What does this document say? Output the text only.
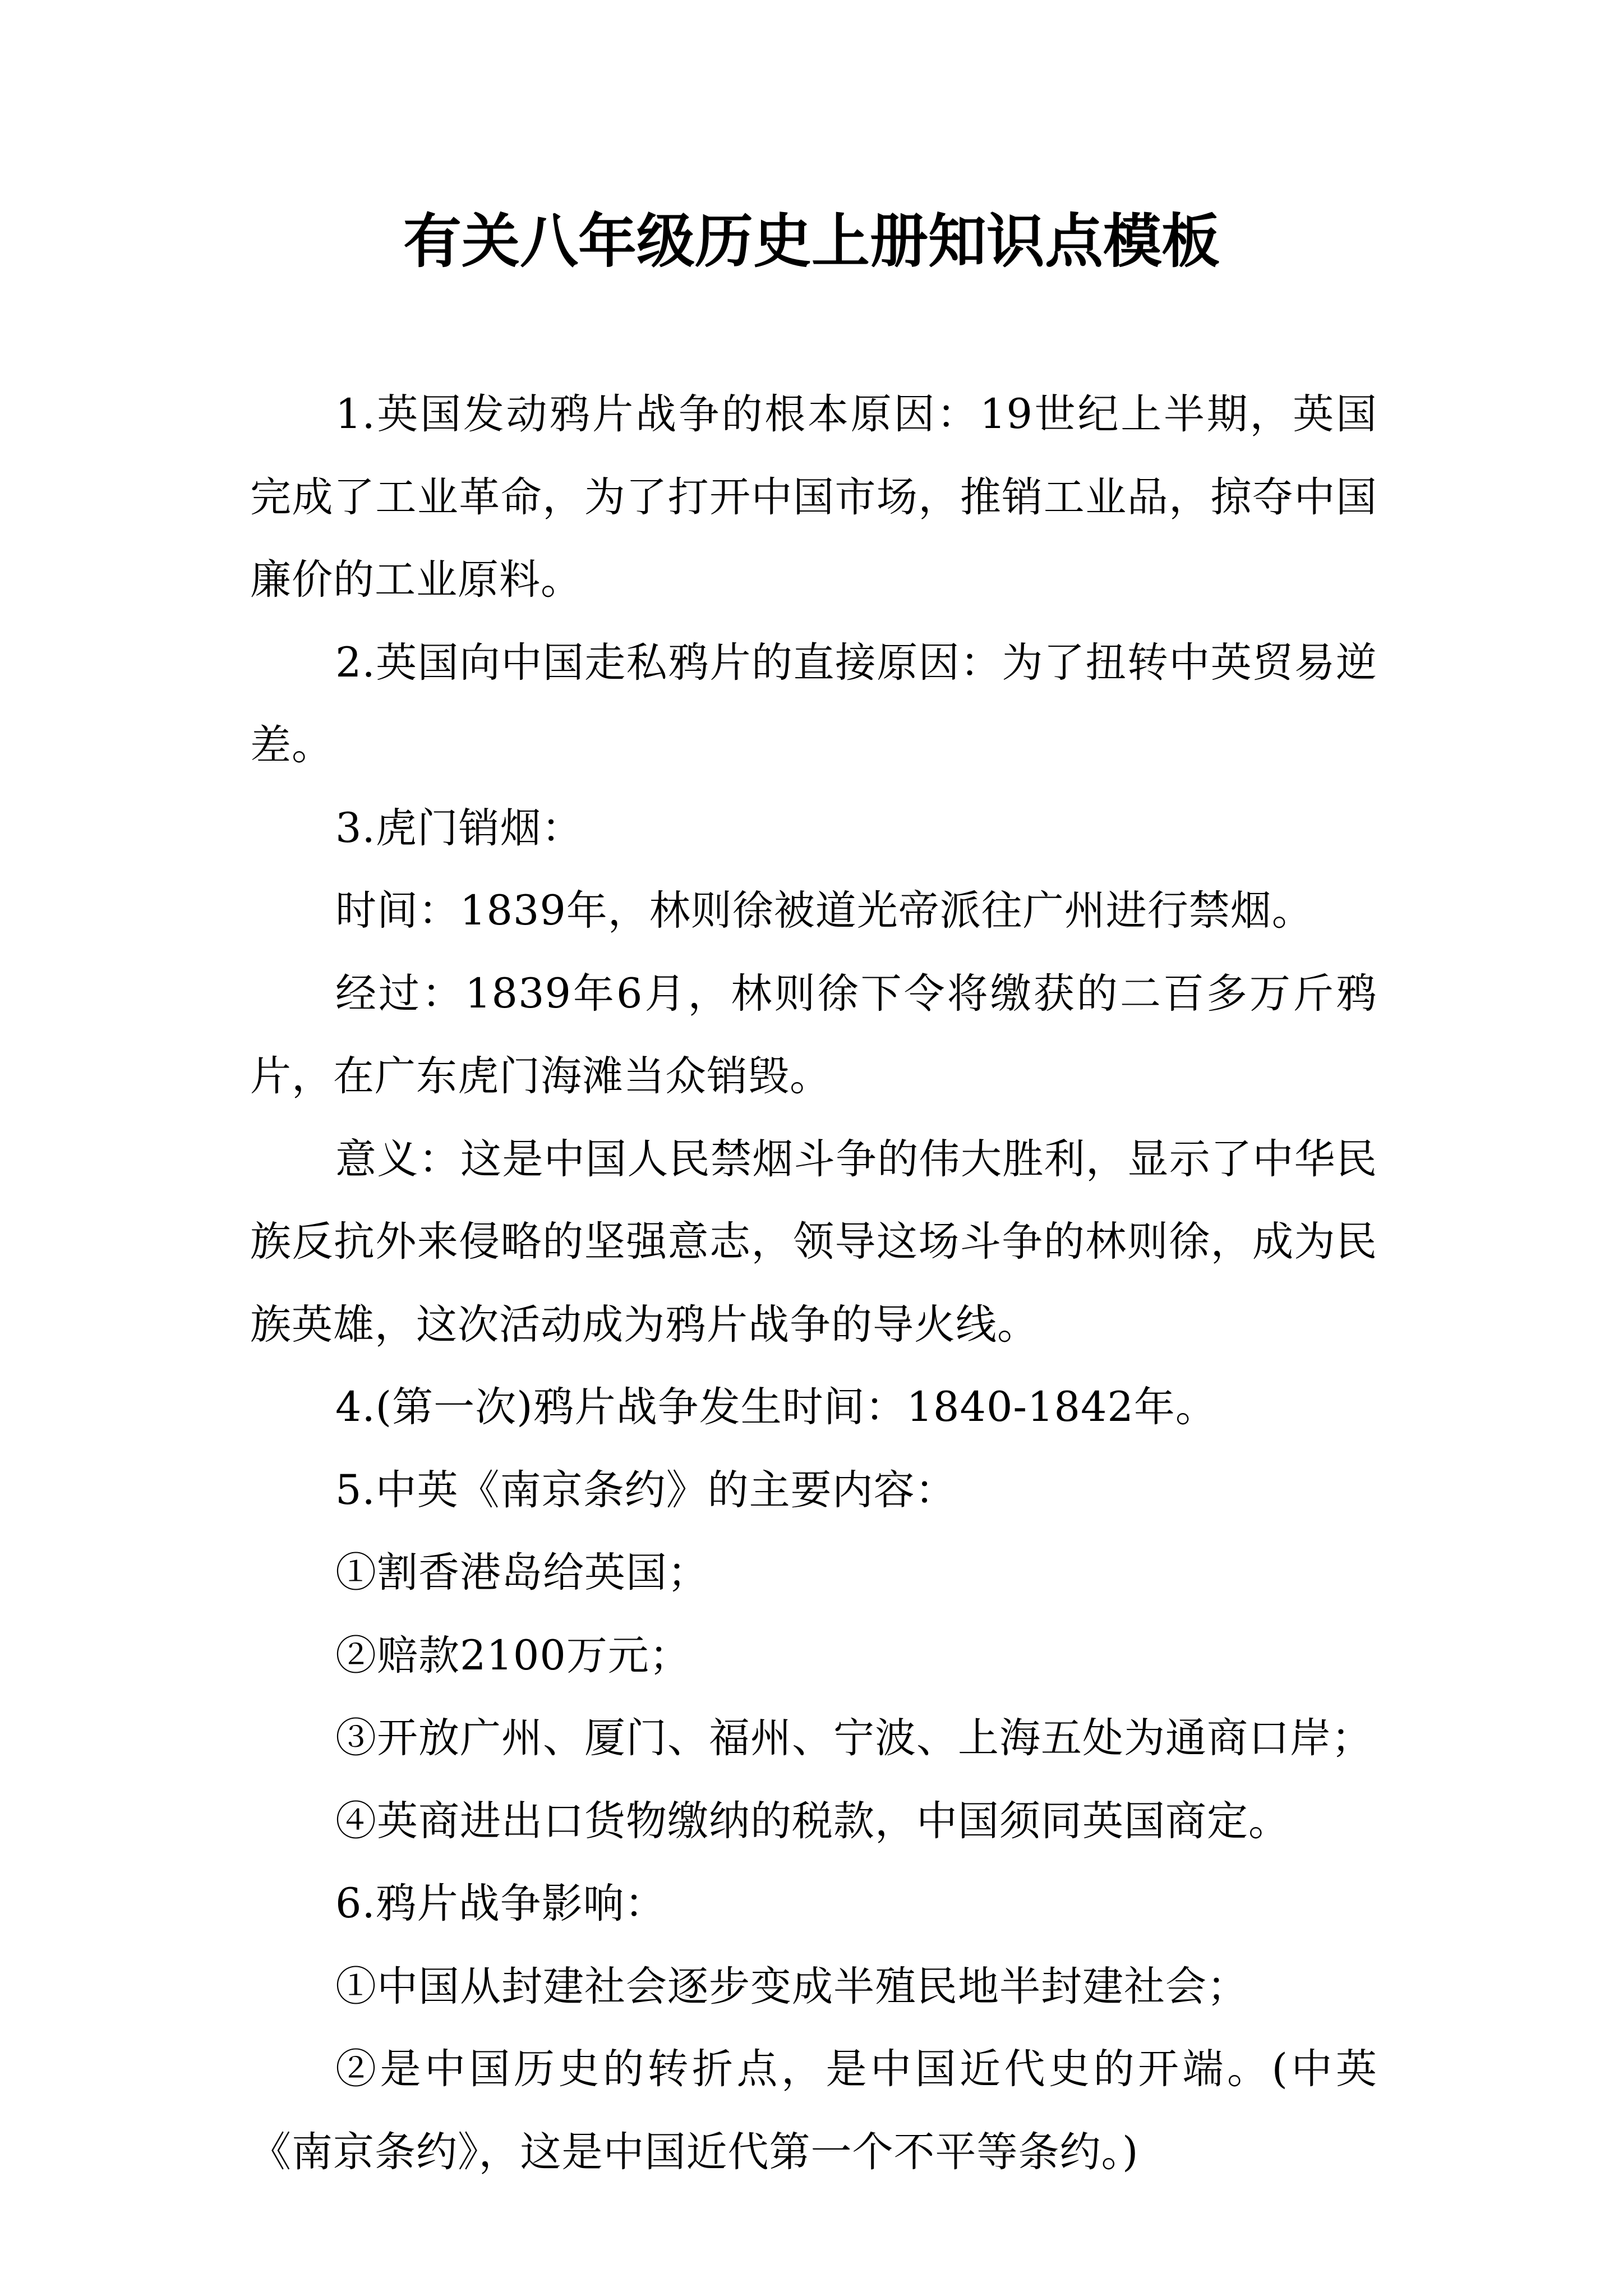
有关八年级历史上册知识点模板

1.英国发动鸦片战争的根本原因：19世纪上半期，英国完成了工业革命，为了打开中国市场，推销工业品，掠夺中国廉价的工业原料。

2.英国向中国走私鸦片的直接原因：为了扭转中英贸易逆差。

3.虎门销烟：

时间：1839年，林则徐被道光帝派往广州进行禁烟。

经过：1839年6月，林则徐下令将缴获的二百多万斤鸦片，在广东虎门海滩当众销毁。

意义：这是中国人民禁烟斗争的伟大胜利，显示了中华民族反抗外来侵略的坚强意志，领导这场斗争的林则徐，成为民族英雄，这次活动成为鸦片战争的导火线。

4.(第一次)鸦片战争发生时间：1840-1842年。

5.中英《南京条约》的主要内容：

①割香港岛给英国；

②赔款2100万元；

③开放广州、厦门、福州、宁波、上海五处为通商口岸；

④英商进出口货物缴纳的税款，中国须同英国商定。

6.鸦片战争影响：

①中国从封建社会逐步变成半殖民地半封建社会；

②是中国历史的转折点，是中国近代史的开端。(中英《南京条约》，这是中国近代第一个不平等条约。)
